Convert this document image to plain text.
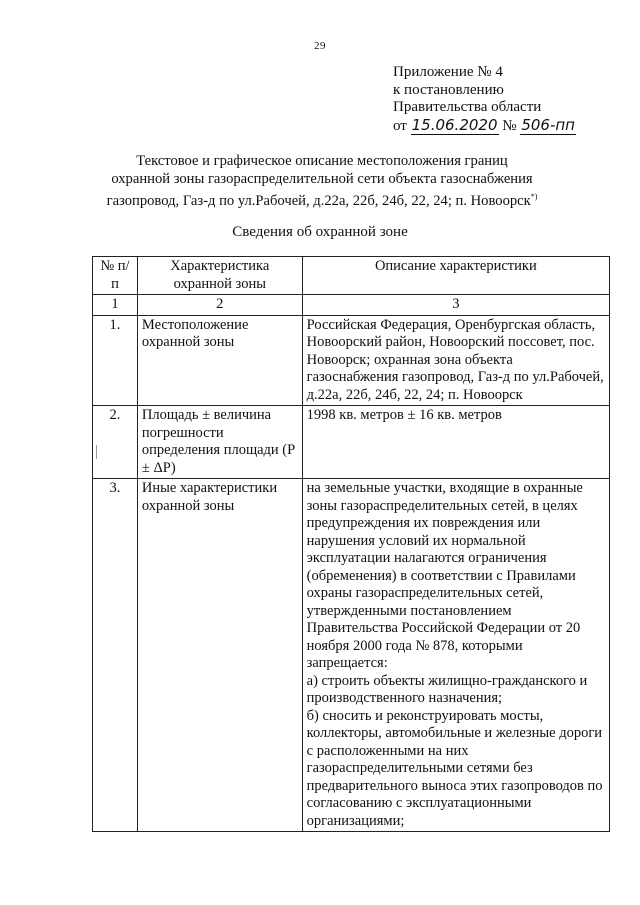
29
Приложение № 4
к постановлению
Правительства области
от 15.06.2020 № 506-пп
Текстовое и графическое описание местоположения границ
охранной зоны газораспределительной сети объекта газоснабжения
газопровод, Газ-д по ул.Рабочей, д.22а, 22б, 24б, 22, 24; п. Новоорск*)
Сведения об охранной зоне
№ п/п	Характеристика охранной зоны	Описание характеристики
1	2	3
1.	Местоположение охранной зоны	Российская Федерация, Оренбургская область, Новоорский район, Новоорский поссовет, пос. Новоорск; охранная зона объекта газоснабжения газопровод, Газ-д по ул.Рабочей, д.22а, 22б, 24б, 22, 24; п. Новоорск
2.	Площадь ± величина погрешности определения площади (Р ± ΔР)	1998 кв. метров ± 16 кв. метров
3.	Иные характеристики охранной зоны	на земельные участки, входящие в охранные зоны газораспределительных сетей, в целях предупреждения их повреждения или нарушения условий их нормальной эксплуатации налагаются ограничения (обременения) в соответствии с Правилами охраны газораспределительных сетей, утвержденными постановлением Правительства Российской Федерации от 20 ноября 2000 года № 878, которыми запрещается:
а) строить объекты жилищно-гражданского и производственного назначения;
б) сносить и реконструировать мосты, коллекторы, автомобильные и железные дороги с расположенными на них газораспределительными сетями без предварительного выноса этих газопроводов по согласованию с эксплуатационными организациями;
